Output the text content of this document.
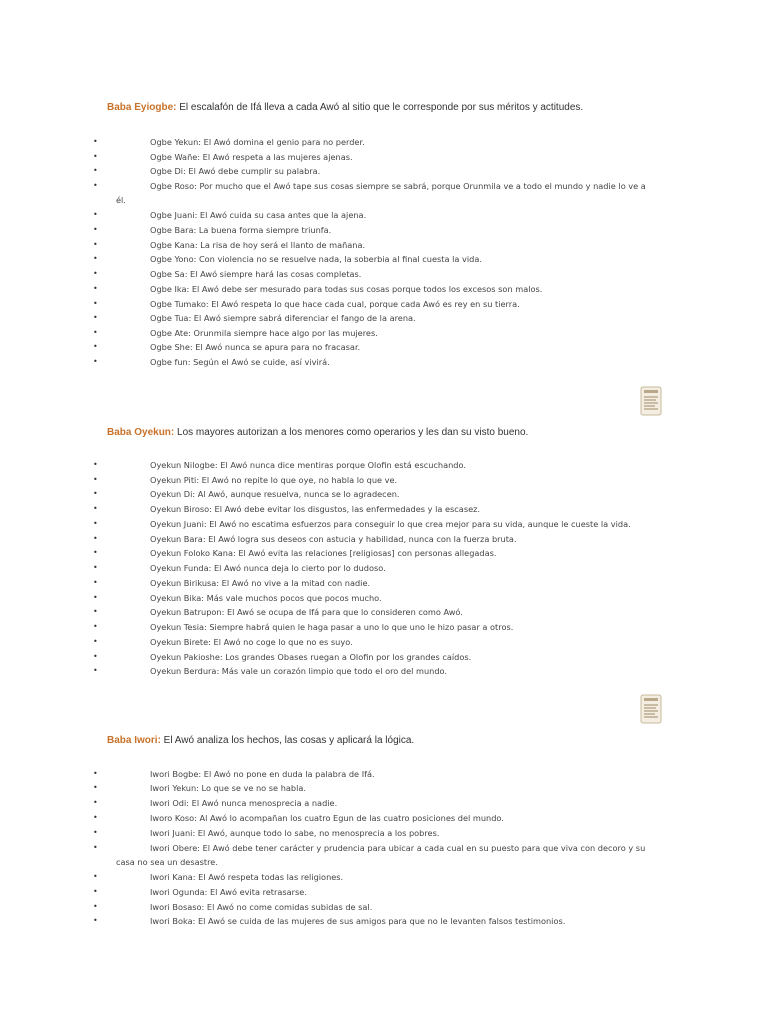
Baba Eyiogbe: El escalafón de Ifá lleva a cada Awó al sitio que le corresponde por sus méritos y actitudes.
•	Ogbe Yekun: El Awó domina el genio para no perder.
•	Ogbe Wañe: El Awó respeta a las mujeres ajenas.
•	Ogbe Di: El Awó debe cumplir su palabra.
•	Ogbe Roso: Por mucho que el Awó tape sus cosas siempre se sabrá, porque Orunmila ve a todo el mundo y nadie lo ve a
él.
•	Ogbe Juani: El Awó cuida su casa antes que la ajena.
•	Ogbe Bara: La buena forma siempre triunfa.
•	Ogbe Kana: La risa de hoy será el llanto de mañana.
•	Ogbe Yono: Con violencia no se resuelve nada, la soberbia al final cuesta la vida.
•	Ogbe Sa: El Awó siempre hará las cosas completas.
•	Ogbe Ika: El Awó debe ser mesurado para todas sus cosas porque todos los excesos son malos.
•	Ogbe Tumako: El Awó respeta lo que hace cada cual, porque cada Awó es rey en su tierra.
•	Ogbe Tua: El Awó siempre sabrá diferenciar el fango de la arena.
•	Ogbe Ate: Orunmila siempre hace algo por las mujeres.
•	Ogbe She: El Awó nunca se apura para no fracasar.
•	Ogbe fun: Según el Awó se cuide, así vivirá.
Baba Oyekun: Los mayores autorizan a los menores como operarios y les dan su visto bueno.
•	Oyekun Nilogbe: El Awó nunca dice mentiras porque Olofin está escuchando.
•	Oyekun Piti: El Awó no repite lo que oye, no habla lo que ve.
•	Oyekun Di: Al Awó, aunque resuelva, nunca se lo agradecen.
•	Oyekun Biroso: El Awó debe evitar los disgustos, las enfermedades y la escasez.
•	Oyekun Juani: El Awó no escatima esfuerzos para conseguir lo que crea mejor para su vida, aunque le cueste la vida.
•	Oyekun Bara: El Awó logra sus deseos con astucia y habilidad, nunca con la fuerza bruta.
•	Oyekun Foloko Kana: El Awó evita las relaciones [religiosas] con personas allegadas.
•	Oyekun Funda: El Awó nunca deja lo cierto por lo dudoso.
•	Oyekun Birikusa: El Awó no vive a la mitad con nadie.
•	Oyekun Bika: Más vale muchos pocos que pocos mucho.
•	Oyekun Batrupon: El Awó se ocupa de Ifá para que lo consideren como Awó.
•	Oyekun Tesia: Siempre habrá quien le haga pasar a uno lo que uno le hizo pasar a otros.
•	Oyekun Birete: El Awó no coge lo que no es suyo.
•	Oyekun Pakioshe: Los grandes Obases ruegan a Olofin por los grandes caídos.
•	Oyekun Berdura: Más vale un corazón limpio que todo el oro del mundo.
Baba Iwori: El Awó analiza los hechos, las cosas y aplicará la lógica.
•	Iwori Bogbe: El Awó no pone en duda la palabra de Ifá.
•	Iwori Yekun: Lo que se ve no se habla.
•	Iwori Odi: El Awó nunca menosprecia a nadie.
•	Iworo Koso: Al Awó lo acompañan los cuatro Egun de las cuatro posiciones del mundo.
•	Iwori Juani: El Awó, aunque todo lo sabe, no menosprecia a los pobres.
•	Iwori Obere: El Awó debe tener carácter y prudencia para ubicar a cada cual en su puesto para que viva con decoro y su
casa no sea un desastre.
•	Iwori Kana: El Awó respeta todas las religiones.
•	Iwori Ogunda: El Awó evita retrasarse.
•	Iwori Bosaso: El Awó no come comidas subidas de sal.
•	Iwori Boka: El Awó se cuida de las mujeres de sus amigos para que no le levanten falsos testimonios.
